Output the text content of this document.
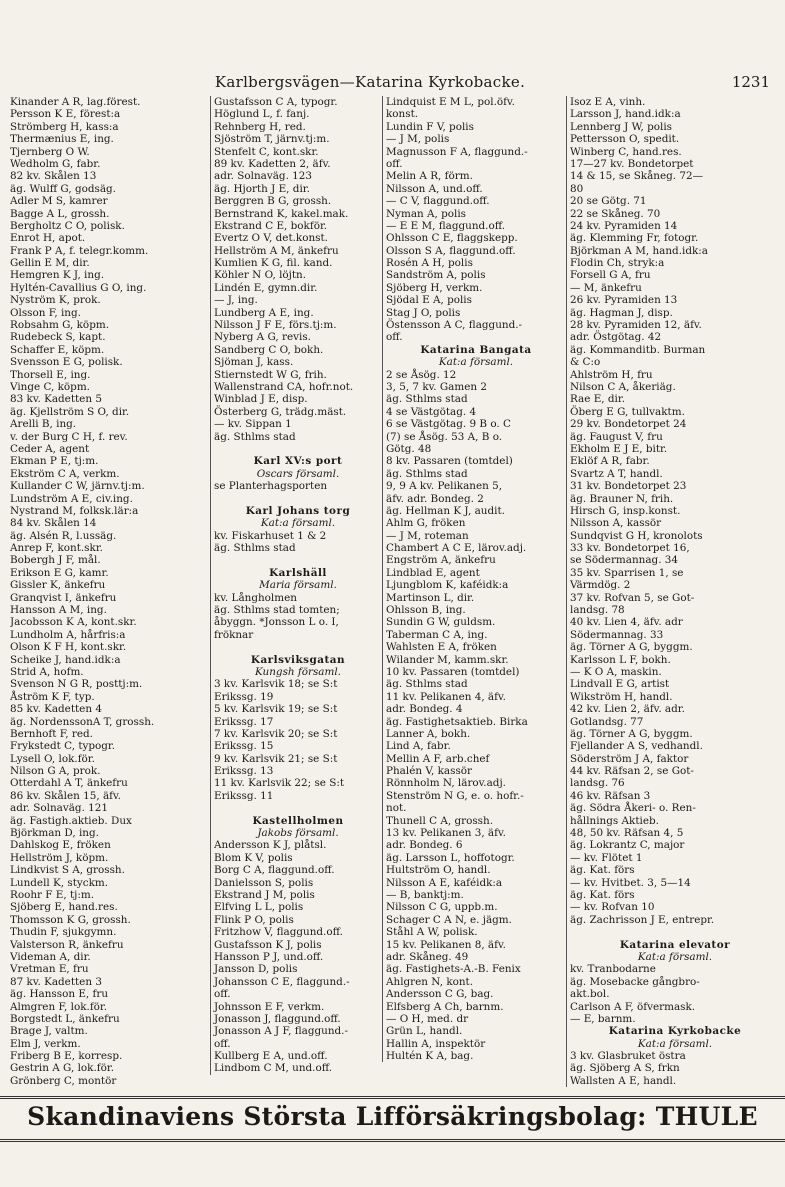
Karlbergsvägen—Katarina Kyrkobacke.	1231
Kinander A R, lag.förest.
Persson K E, förest:a
Strömberg H, kass:a
Thermænius E, ing.
Tjernberg O W.
Wedholm G, fabr.
82 kv. Skålen 13
äg. Wulff G, godsäg.
Adler M S, kamrer
Bagge A L, grossh.
Bergholtz C O, polisk.
Enrot H, apot.
Frank P A, f. telegr.komm.
Gellin E M, dir.
Hemgren K J, ing.
Hyltén-Cavallius G O, ing.
Nyström K, prok.
Olsson F, ing.
Robsahm G, köpm.
Rudebeck S, kapt.
Schaffer E, köpm.
Svensson E G, polisk.
Thorsell E, ing.
Vinge C, köpm.
83 kv. Kadetten 5
äg. Kjellström S O, dir.
Arelli B, ing.
v. der Burg C H, f. rev.
Ceder A, agent
Ekman P E, tj:m.
Ekström C A, verkm.
Kullander C W, järnv.tj:m.
Lundström A E, civ.ing.
Nystrand M, folksk.lär:a
84 kv. Skålen 14
äg. Alsén R, l.ussäg.
Anrep F, kont.skr.
Bobergh J F, mål.
Erikson E G, kamr.
Gissler K, änkefru
Granqvist I, änkefru
Hansson A M, ing.
Jacobsson K A, kont.skr.
Lundholm A, hårfris:a
Olson K F H, kont.skr.
Scheike J, hand.idk:a
Strid A, hofm.
Svenson N G R, posttj:m.
Åström K F, typ.
85 kv. Kadetten 4
äg. NordenssonA T, grossh.
Bernhoft F, red.
Frykstedt C, typogr.
Lysell O, lok.för.
Nilson G A, prok.
Otterdahl A T, änkefru
86 kv. Skålen 15, äfv.
adr. Solnaväg. 121
äg. Fastigh.aktieb. Dux
Björkman D, ing.
Dahlskog E, fröken
Hellström J, köpm.
Lindkvist S A, grossh.
Lundell K, styckm.
Roohr F E, tj:m.
Sjöberg E, hand.res.
Thomsson K G, grossh.
Thudin F, sjukgymn.
Valsterson R, änkefru
Videman A, dir.
Vretman E, fru
87 kv. Kadetten 3
äg. Hansson E, fru
Almgren F, lok.för.
Borgstedt L, änkefru
Brage J, valtm.
Elm J, verkm.
Friberg B E, korresp.
Gestrin A G, lok.för.
Grönberg C, montör
Gustafsson C A, typogr.
Höglund L, f. fanj.
Rehnberg H, red.
Sjöström T, järnv.tj:m.
Stenfelt C, kont.skr.
89 kv. Kadetten 2, äfv.
adr. Solnaväg. 123
äg. Hjorth J E, dir.
Berggren B G, grossh.
Bernstrand K, kakel.mak.
Ekstrand C E, bokför.
Evertz O V, det.konst.
Hellström A M, änkefru
Kumlien K G, fil. kand.
Köhler N O, löjtn.
Lindén E, gymn.dir.
— J, ing.
Lundberg A E, ing.
Nilsson J F E, förs.tj:m.
Nyberg A G, revis.
Sandberg C O, bokh.
Sjöman J, kass.
Stiernstedt W G, frih.
Wallenstrand CA, hofr.not.
Winblad J E, disp.
Österberg G, trädg.mäst.
— kv. Sippan 1
äg. Sthlms stad
Karl XV:s port
Oscars församl.
se Planterhagsporten
Karl Johans torg
Kat:a församl.
kv. Fiskarhuset 1 & 2
äg. Sthlms stad
Karlshäll
Maria församl.
kv. Långholmen
äg. Sthlms stad tomten;
åbyggn. *Jonsson L o. I,
fröknar
Karlsviksgatan
Kungsh församl.
3 kv. Karlsvik 18; se S:t
Erikssg. 19
5 kv. Karlsvik 19; se S:t
Erikssg. 17
7 kv. Karlsvik 20; se S:t
Erikssg. 15
9 kv. Karlsvik 21; se S:t
Erikssg. 13
11 kv. Karlsvik 22; se S:t
Erikssg. 11
Kastellholmen
Jakobs församl.
Andersson K J, plåtsl.
Blom K V, polis
Borg C A, flaggund.off.
Danielsson S, polis
Ekstrand J M, polis
Elfving L L, polis
Flink P O, polis
Fritzhow V, flaggund.off.
Gustafsson K J, polis
Hansson P J, und.off.
Jansson D, polis
Johansson C E, flaggund.-
off.
Johnsson E F, verkm.
Jonasson J, flaggund.off.
Jonasson A J F, flaggund.-
off.
Kullberg E A, und.off.
Lindbom C M, und.off.
Lindquist E M L, pol.öfv.
konst.
Lundin F V, polis
— J M, polis
Magnusson F A, flaggund.-
off.
Melin A R, förm.
Nilsson A, und.off.
— C V, flaggund.off.
Nyman A, polis
— E E M, flaggund.off.
Ohlsson C E, flaggskepp.
Olsson S A, flaggund.off.
Rosén A H, polis
Sandström A, polis
Sjöberg H, verkm.
Sjödal E A, polis
Stag J O, polis
Östensson A C, flaggund.-
off.
Katarina Bangata
Kat:a församl.
2 se Åsög. 12
3, 5, 7 kv. Gamen 2
äg. Sthlms stad
4 se Västgötag. 4
6 se Västgötag. 9 B o. C
(7) se Åsög. 53 A, B o.
Götg. 48
8 kv. Passaren (tomtdel)
äg. Sthlms stad
9, 9 A kv. Pelikanen 5,
äfv. adr. Bondeg. 2
äg. Hellman K J, audit.
Ahlm G, fröken
— J M, roteman
Chambert A C E, lärov.adj.
Engström A, änkefru
Lindblad E, agent
Ljungblom K, kaféidk:a
Martinson L, dir.
Ohlsson B, ing.
Sundin G W, guldsm.
Taberman C A, ing.
Wahlsten E A, fröken
Wilander M, kamm.skr.
10 kv. Passaren (tomtdel)
äg. Sthlms stad
11 kv. Pelikanen 4, äfv.
adr. Bondeg. 4
äg. Fastighetsaktieb. Birka
Lanner A, bokh.
Lind A, fabr.
Mellin A F, arb.chef
Phalén V, kassör
Rönnholm N, lärov.adj.
Stenström N G, e. o. hofr.-
not.
Thunell C A, grossh.
13 kv. Pelikanen 3, äfv.
adr. Bondeg. 6
äg. Larsson L, hoffotogr.
Hultström O, handl.
Nilsson A E, kaféidk:a
— B, banktj:m.
Nilsson C G, uppb.m.
Schager C A N, e. jägm.
Ståhl A W, polisk.
15 kv. Pelikanen 8, äfv.
adr. Skåneg. 49
äg. Fastighets-A.-B. Fenix
Ahlgren N, kont.
Andersson C G, bag.
Elfsberg A Ch, barnm.
— O H, med. dr
Grün L, handl.
Hallin A, inspektör
Hultén K A, bag.
Isoz E A, vinh.
Larsson J, hand.idk:a
Lennberg J W, polis
Pettersson O, spedit.
Winberg C, hand.res.
17—27 kv. Bondetorpet
14 & 15, se Skåneg. 72—
80
20 se Götg. 71
22 se Skåneg. 70
24 kv. Pyramiden 14
äg. Klemming Fr, fotogr.
Björkman A M, hand.idk:a
Flodin Ch, stryk:a
Forsell G A, fru
— M, änkefru
26 kv. Pyramiden 13
äg. Hagman J, disp.
28 kv. Pyramiden 12, äfv.
adr. Östgötag. 42
äg. Kommanditb. Burman
& C:o
Ahlström H, fru
Nilson C A, åkeriäg.
Rae E, dir.
Öberg E G, tullvaktm.
29 kv. Bondetorpet 24
äg. Faugust V, fru
Ekholm E J E, bitr.
Eklöf A R, fabr.
Svartz A T, handl.
31 kv. Bondetorpet 23
äg. Brauner N, frih.
Hirsch G, insp.konst.
Nilsson A, kassör
Sundqvist G H, kronolots
33 kv. Bondetorpet 16,
se Södermannag. 34
35 kv. Sparrisen 1, se
Värmdög. 2
37 kv. Rofvan 5, se Got-
landsg. 78
40 kv. Lien 4, äfv. adr
Södermannag. 33
äg. Törner A G, byggm.
Karlsson L F, bokh.
— K O A, maskin.
Lindvall E G, artist
Wikström H, handl.
42 kv. Lien 2, äfv. adr.
Gotlandsg. 77
äg. Törner A G, byggm.
Fjellander A S, vedhandl.
Söderström J A, faktor
44 kv. Räfsan 2, se Got-
landsg. 76
46 kv. Räfsan 3
äg. Södra Åkeri- o. Ren-
hållnings Aktieb.
48, 50 kv. Räfsan 4, 5
äg. Lokrantz C, major
— kv. Flötet 1
äg. Kat. förs
— kv. Hvitbet. 3, 5—14
äg. Kat. förs
— kv. Rofvan 10
äg. Zachrisson J E, entrepr.
Katarina elevator
Kat:a församl.
kv. Tranbodarne
äg. Mosebacke gångbro-
akt.bol.
Carlson A F, öfvermask.
— E, barnm.
Katarina Kyrkobacke
Kat:a församl.
3 kv. Glasbruket östra
äg. Sjöberg A S, frkn
Wallsten A E, handl.
Skandinaviens Största Lifförsäkringsbolag: THULE
